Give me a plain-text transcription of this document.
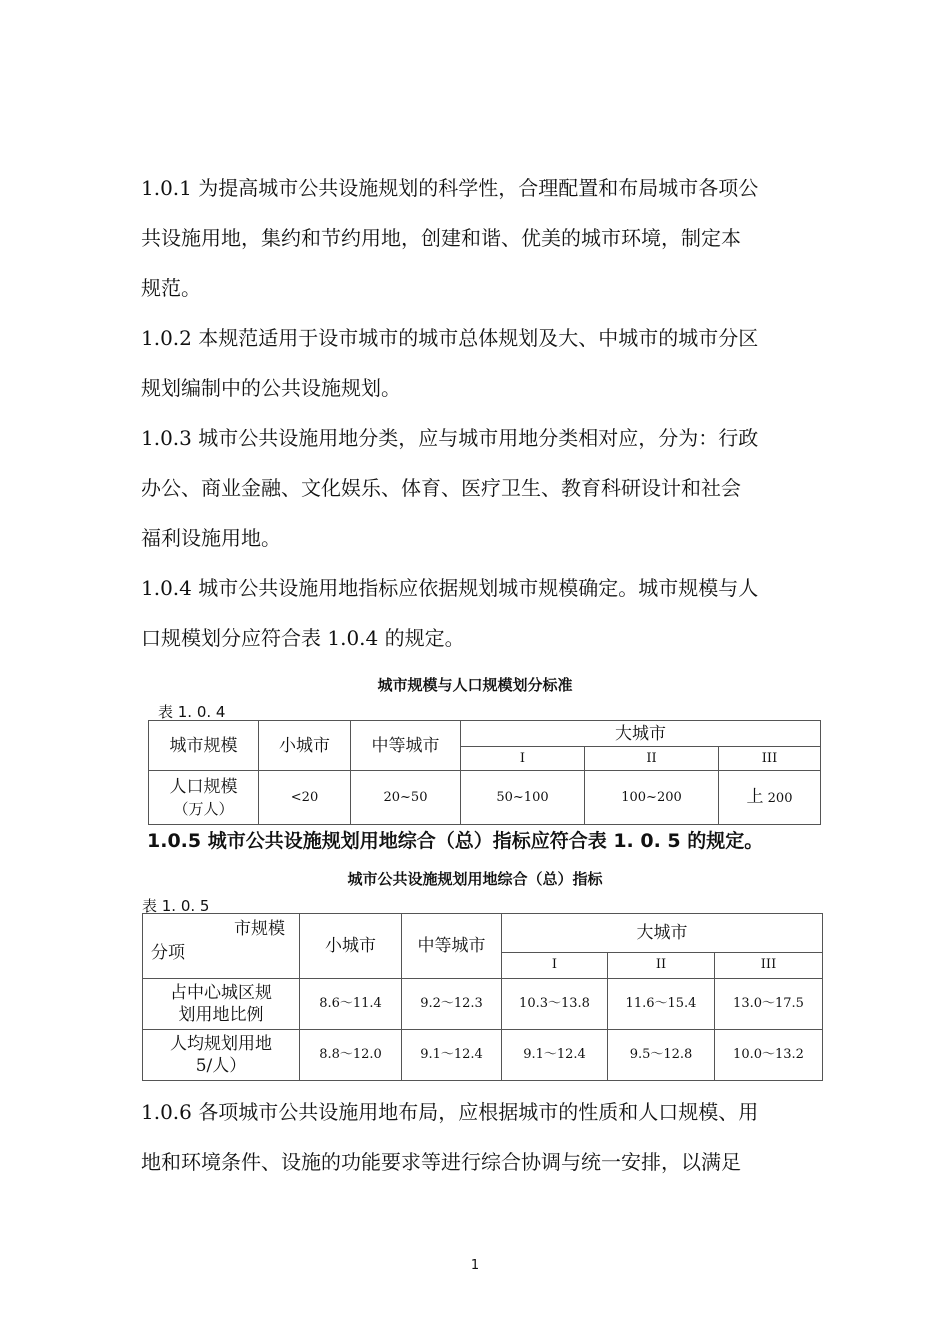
1.0.1 为提高城市公共设施规划的科学性，合理配置和布局城市各项公
共设施用地，集约和节约用地，创建和谐、优美的城市环境，制定本
规范。
1.0.2 本规范适用于设市城市的城市总体规划及大、中城市的城市分区
规划编制中的公共设施规划。
1.0.3 城市公共设施用地分类，应与城市用地分类相对应，分为：行政
办公、商业金融、文化娱乐、体育、医疗卫生、教育科研设计和社会
福利设施用地。
1.0.4 城市公共设施用地指标应依据规划城市规模确定。城市规模与人
口规模划分应符合表 1.0.4 的规定。
城市规模与人口规模划分标准
表 1. 0. 4
城市规模	小城市	中等城市	大城市		
			I	II	III

人口规模
（万人）	<20	20~50	50~100	100~200	上 200
1.0.5 城市公共设施规划用地综合（总）指标应符合表 1. 0. 5 的规定。
城市公共设施规划用地综合（总）指标
表 1. 0. 5
市规模
分项	小城市	中等城市	大城市		
			I	II	III

占中心城区规
划用地比例	8.6〜11.4	9.2〜12.3	10.3〜13.8	11.6〜15.4	13.0〜17.5

人均规划用地
5/人）	8.8〜12.0	9.1〜12.4	9.1〜12.4	9.5〜12.8	10.0〜13.2
1.0.6 各项城市公共设施用地布局，应根据城市的性质和人口规模、用
地和环境条件、设施的功能要求等进行综合协调与统一安排，以满足
1
